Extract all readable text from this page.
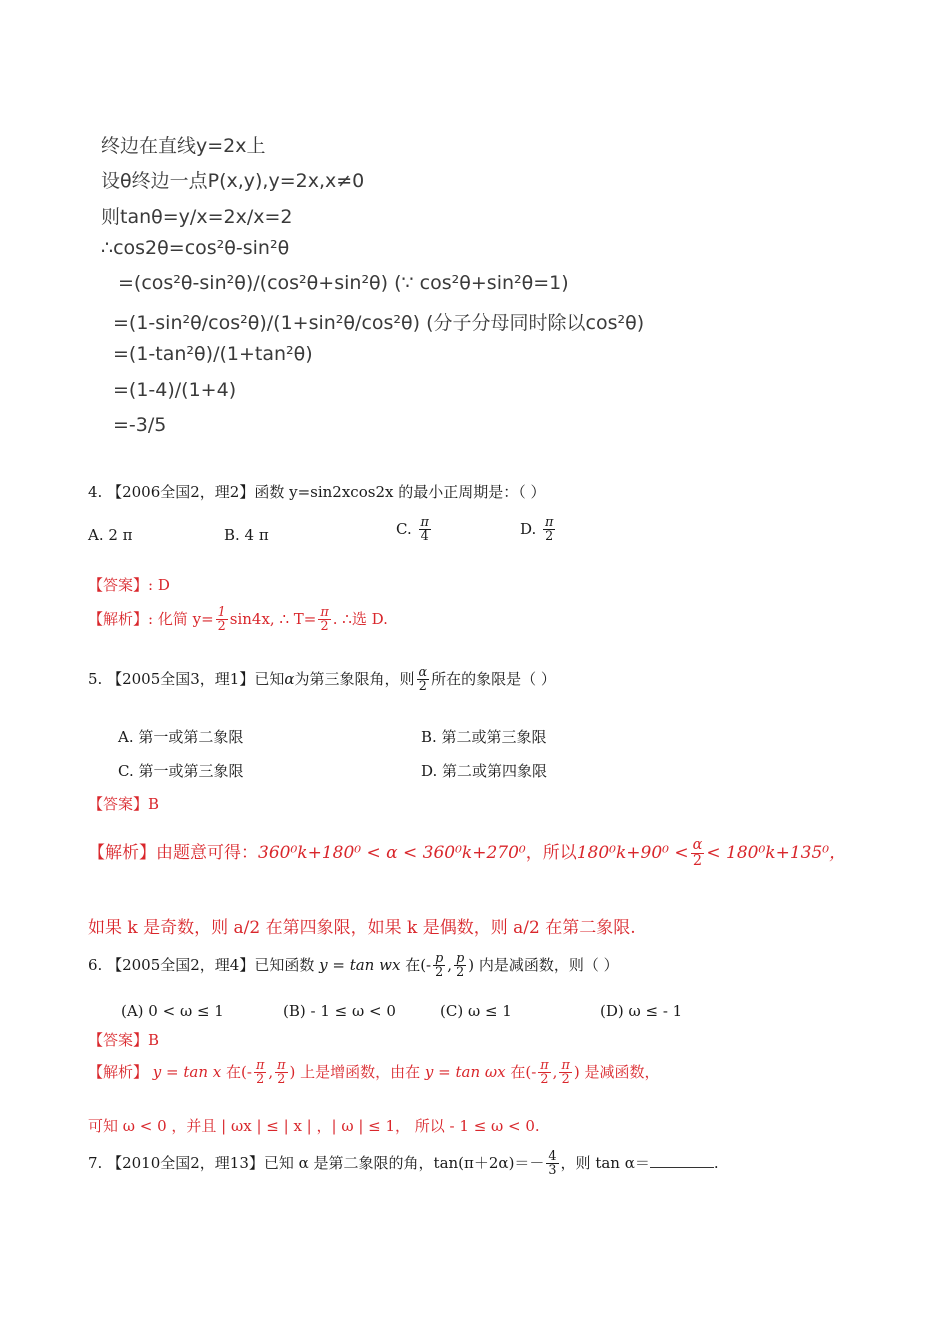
终边在直线y=2x上
设θ终边一点P(x,y),y=2x,x≠0
则tanθ=y/x=2x/x=2
∴cos2θ=cos²θ-sin²θ
=(cos²θ-sin²θ)/(cos²θ+sin²θ) (∵ cos²θ+sin²θ=1)
=(1-sin²θ/cos²θ)/(1+sin²θ/cos²θ) (分子分母同时除以cos²θ)
=(1-tan²θ)/(1+tan²θ)
=(1-4)/(1+4)
=-3/5
4. 【2006全国2，理2】函数 y=sin2xcos2x 的最小正周期是：（ ）
A. 2 π	B. 4 π	C. $\frac{\pi}{4}$	D. $\frac{\pi}{2}$
【答案】: D
【解析】: 化简 $y= \frac{1}{2} \sin 4x$, ∴ $T= \frac{\pi}{2}$ . ∴选 D.
5. 【2005全国3，理1】已知α为第三象限角，则 $\frac{\alpha}{2}$ 所在的象限是（ ）
A. 第一或第二象限	B. 第二或第三象限
C. 第一或第三象限	D. 第二或第四象限
【答案】B
【解析】由题意可得：360⁰k+180⁰ < α < 360⁰k+270⁰，所以$180^0k+90^0 < \frac{\alpha}{2} < 180^0k+135^0$，
如果 k 是奇数，则 a/2 在第四象限，如果 k 是偶数，则 a/2 在第二象限.
6. 【2005全国2，理4】已知函数 y = tan wx 在(- $\frac{p}{2}$ , $\frac{p}{2}$ ) 内是减函数，则（ ）
(A) 0 < ω ≤ 1	(B) - 1 ≤ ω < 0	(C) ω ≤ 1	(D) ω ≤ - 1
【答案】B
【解析】 y = tan x 在(- $\frac{\pi}{2}$ , $\frac{\pi}{2}$ ) 上是增函数，由在 y = tan ωx 在(- $\frac{\pi}{2}$ , $\frac{\pi}{2}$ ) 是减函数，
可知 ω < 0 ，并且 | ωx | ≤ | x | ，| ω | ≤ 1， 所以 - 1 ≤ ω < 0.
7. 【2010全国2，理13】已知 α 是第二象限的角，$\tan(\pi+2\alpha)=- \frac{4}{3}$ ，则 tan α＝	.
